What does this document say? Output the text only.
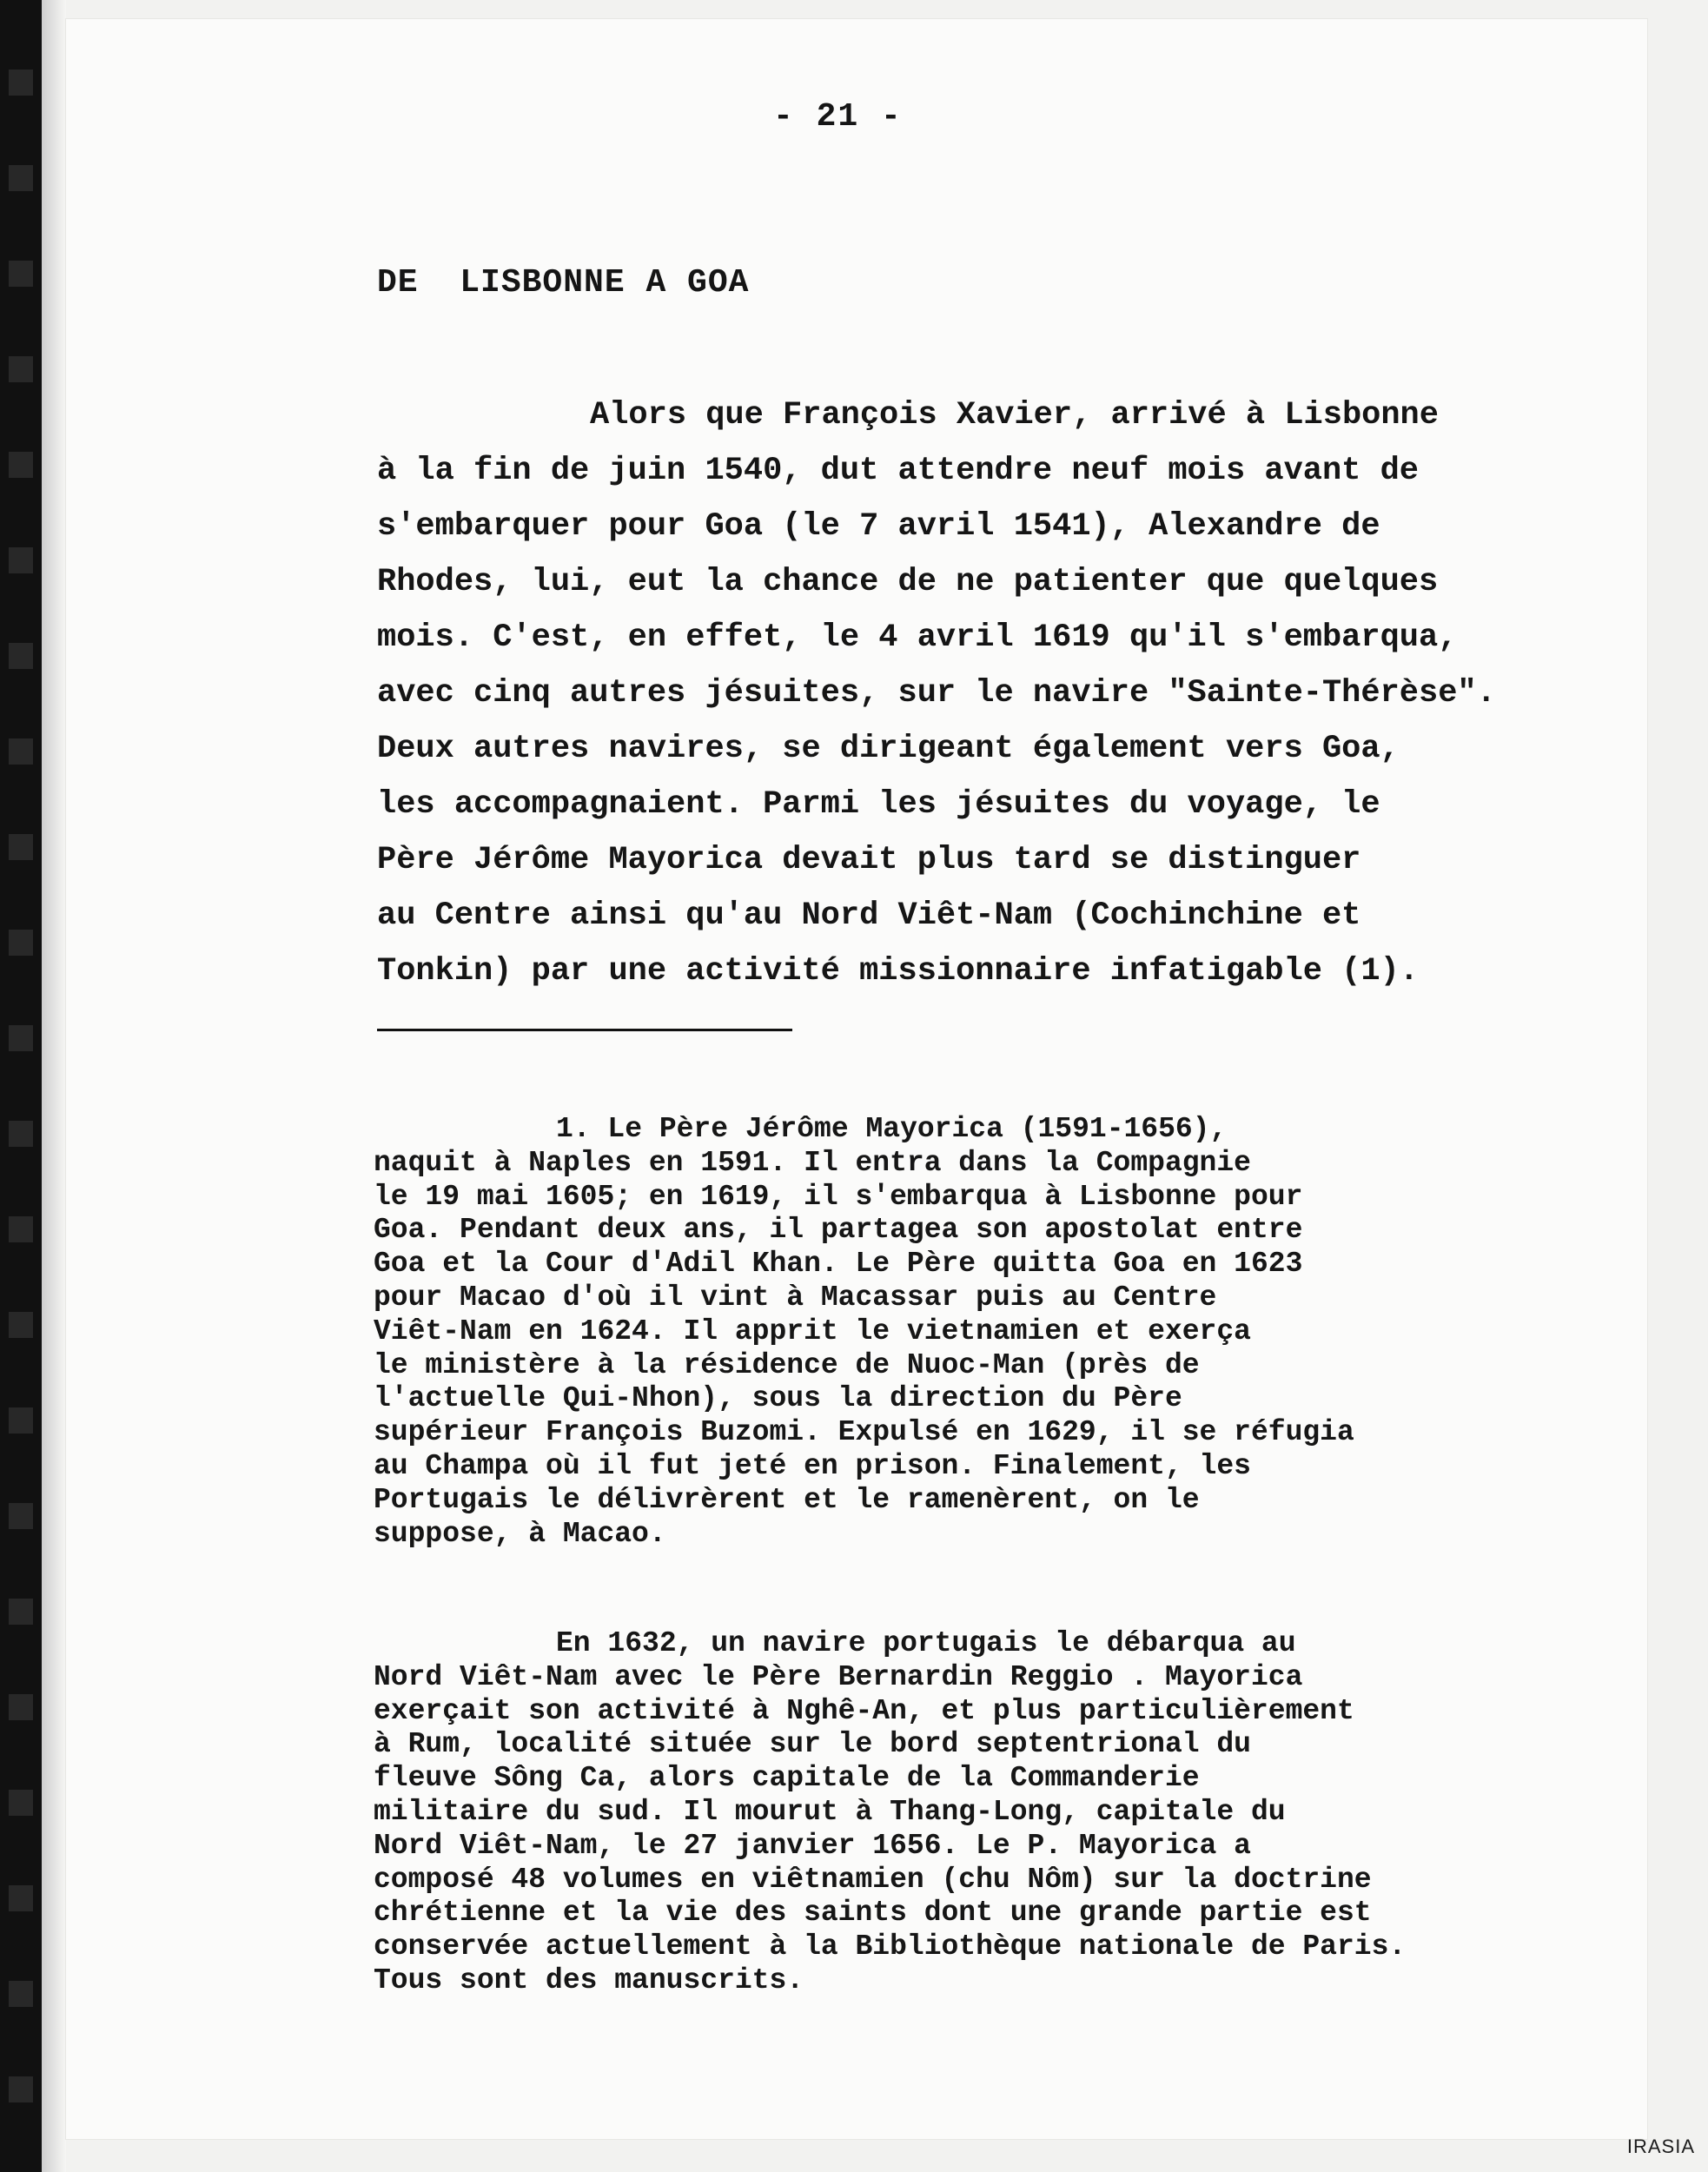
- 21 -
DE  LISBONNE A GOA
Alors que François Xavier, arrivé à Lisbonne
à la fin de juin 1540, dut attendre neuf mois avant de
s'embarquer pour Goa (le 7 avril 1541), Alexandre de
Rhodes, lui, eut la chance de ne patienter que quelques
mois. C'est, en effet, le 4 avril 1619 qu'il s'embarqua,
avec cinq autres jésuites, sur le navire "Sainte-Thérèse".
Deux autres navires, se dirigeant également vers Goa,
les accompagnaient. Parmi les jésuites du voyage, le
Père Jérôme Mayorica devait plus tard se distinguer
au Centre ainsi qu'au Nord Viêt-Nam (Cochinchine et
Tonkin) par une activité missionnaire infatigable (1).
1. Le Père Jérôme Mayorica (1591-1656),
naquit à Naples en 1591. Il entra dans la Compagnie
le 19 mai 1605; en 1619, il s'embarqua à Lisbonne pour
Goa. Pendant deux ans, il partagea son apostolat entre
Goa et la Cour d'Adil Khan. Le Père quitta Goa en 1623
pour Macao d'où il vint à Macassar puis au Centre
Viêt-Nam en 1624. Il apprit le vietnamien et exerça
le ministère à la résidence de Nuoc-Man (près de
l'actuelle Qui-Nhon), sous la direction du Père
supérieur François Buzomi. Expulsé en 1629, il se réfugia
au Champa où il fut jeté en prison. Finalement, les
Portugais le délivrèrent et le ramenèrent, on le
suppose, à Macao.
En 1632, un navire portugais le débarqua au
Nord Viêt-Nam avec le Père Bernardin Reggio . Mayorica
exerçait son activité à Nghê-An, et plus particulièrement
à Rum, localité située sur le bord septentrional du
fleuve Sông Ca, alors capitale de la Commanderie
militaire du sud. Il mourut à Thang-Long, capitale du
Nord Viêt-Nam, le 27 janvier 1656. Le P. Mayorica a
composé 48 volumes en viêtnamien (chu Nôm) sur la doctrine
chrétienne et la vie des saints dont une grande partie est
conservée actuellement à la Bibliothèque nationale de Paris.
Tous sont des manuscrits.
IRASIA
